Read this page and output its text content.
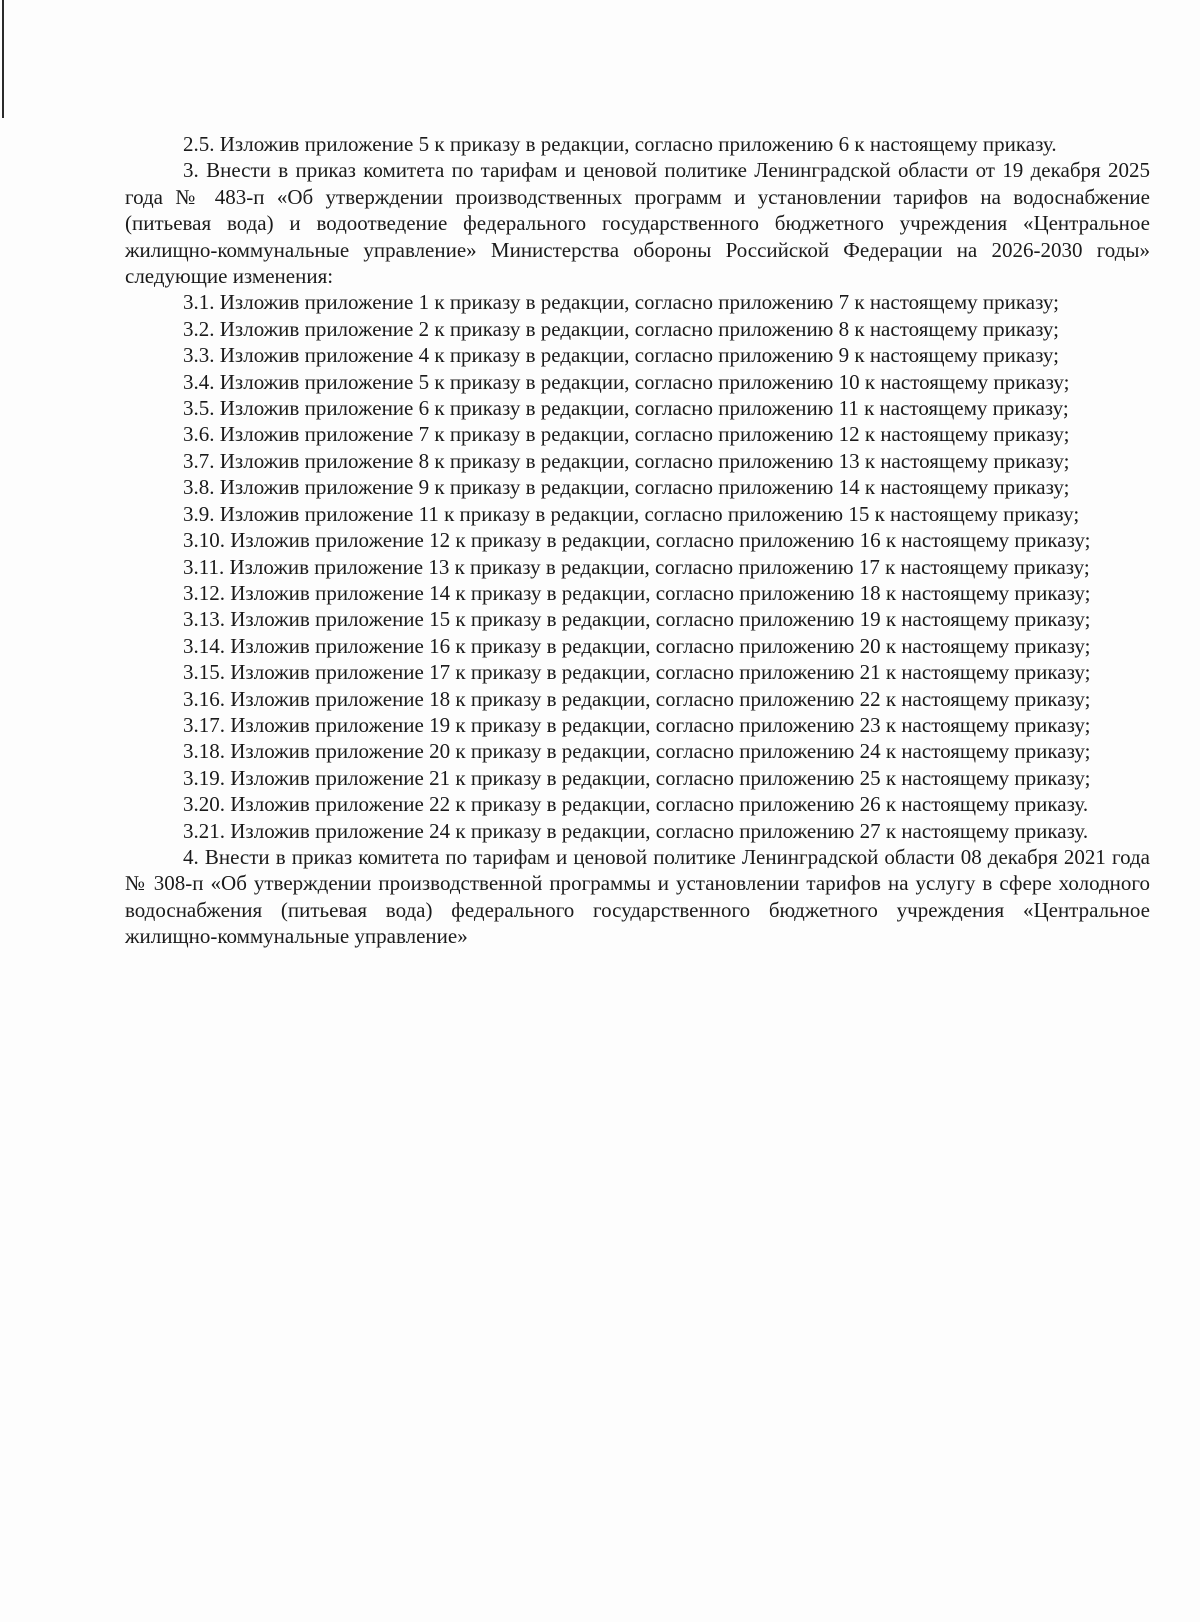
2.5. Изложив приложение 5 к приказу в редакции, согласно приложению 6 к настоящему приказу.

3. Внести в приказ комитета по тарифам и ценовой политике Ленинградской области от 19 декабря 2025 года № 483-п «Об утверждении производственных программ и установлении тарифов на водоснабжение (питьевая вода) и водоотведение федерального государственного бюджетного учреждения «Центральное жилищно-коммунальные управление» Министерства обороны Российской Федерации на 2026-2030 годы» следующие изменения:

3.1. Изложив приложение 1 к приказу в редакции, согласно приложению 7 к настоящему приказу;

3.2. Изложив приложение 2 к приказу в редакции, согласно приложению 8 к настоящему приказу;

3.3. Изложив приложение 4 к приказу в редакции, согласно приложению 9 к настоящему приказу;

3.4. Изложив приложение 5 к приказу в редакции, согласно приложению 10 к настоящему приказу;

3.5. Изложив приложение 6 к приказу в редакции, согласно приложению 11 к настоящему приказу;

3.6. Изложив приложение 7 к приказу в редакции, согласно приложению 12 к настоящему приказу;

3.7. Изложив приложение 8 к приказу в редакции, согласно приложению 13 к настоящему приказу;

3.8. Изложив приложение 9 к приказу в редакции, согласно приложению 14 к настоящему приказу;

3.9. Изложив приложение 11 к приказу в редакции, согласно приложению 15 к настоящему приказу;

3.10. Изложив приложение 12 к приказу в редакции, согласно приложению 16 к настоящему приказу;

3.11. Изложив приложение 13 к приказу в редакции, согласно приложению 17 к настоящему приказу;

3.12. Изложив приложение 14 к приказу в редакции, согласно приложению 18 к настоящему приказу;

3.13. Изложив приложение 15 к приказу в редакции, согласно приложению 19 к настоящему приказу;

3.14. Изложив приложение 16 к приказу в редакции, согласно приложению 20 к настоящему приказу;

3.15. Изложив приложение 17 к приказу в редакции, согласно приложению 21 к настоящему приказу;

3.16. Изложив приложение 18 к приказу в редакции, согласно приложению 22 к настоящему приказу;

3.17. Изложив приложение 19 к приказу в редакции, согласно приложению 23 к настоящему приказу;

3.18. Изложив приложение 20 к приказу в редакции, согласно приложению 24 к настоящему приказу;

3.19. Изложив приложение 21 к приказу в редакции, согласно приложению 25 к настоящему приказу;

3.20. Изложив приложение 22 к приказу в редакции, согласно приложению 26 к настоящему приказу.

3.21. Изложив приложение 24 к приказу в редакции, согласно приложению 27 к настоящему приказу.

4. Внести в приказ комитета по тарифам и ценовой политике Ленинградской области 08 декабря 2021 года № 308-п «Об утверждении производственной программы и установлении тарифов на услугу в сфере холодного водоснабжения (питьевая вода) федерального государственного бюджетного учреждения «Центральное жилищно-коммунальные управление»
